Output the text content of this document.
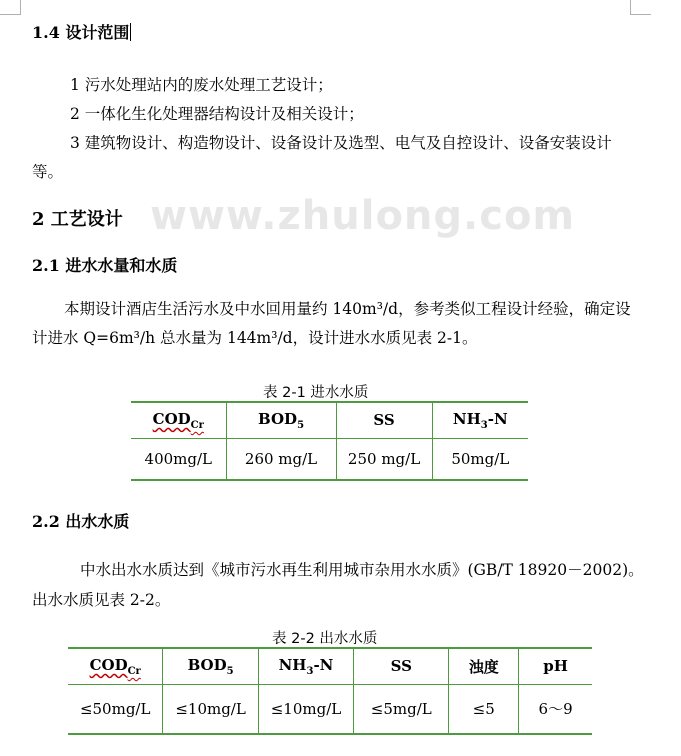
1.4 设计范围
1 污水处理站内的废水处理工艺设计；
2 一体化生化处理器结构设计及相关设计；
3 建筑物设计、构造物设计、设备设计及选型、电气及自控设计、设备安装设计
等。
2 工艺设计 www.zhulong.com
2.1 进水水量和水质
本期设计酒店生活污水及中水回用量约 140m³/d，参考类似工程设计经验，确定设
计进水 Q=6m³/h 总水量为 144m³/d，设计进水水质见表 2-1。
表 2-1 进水水质
$COD_{Cr}$	$BOD_5$	SS	$NH_3-N$
400mg/L	260 mg/L	250 mg/L	50mg/L
2.2 出水水质
中水出水水质达到《城市污水再生利用城市杂用水水质》(GB/T 18920－2002)。
出水水质见表 2-2。
表 2-2 出水水质
$COD_{Cr}$	$BOD_5$	$NH_3-N$	SS	浊度	pH
≤50mg/L	≤10mg/L	≤10mg/L	≤5mg/L	≤5	6～9
